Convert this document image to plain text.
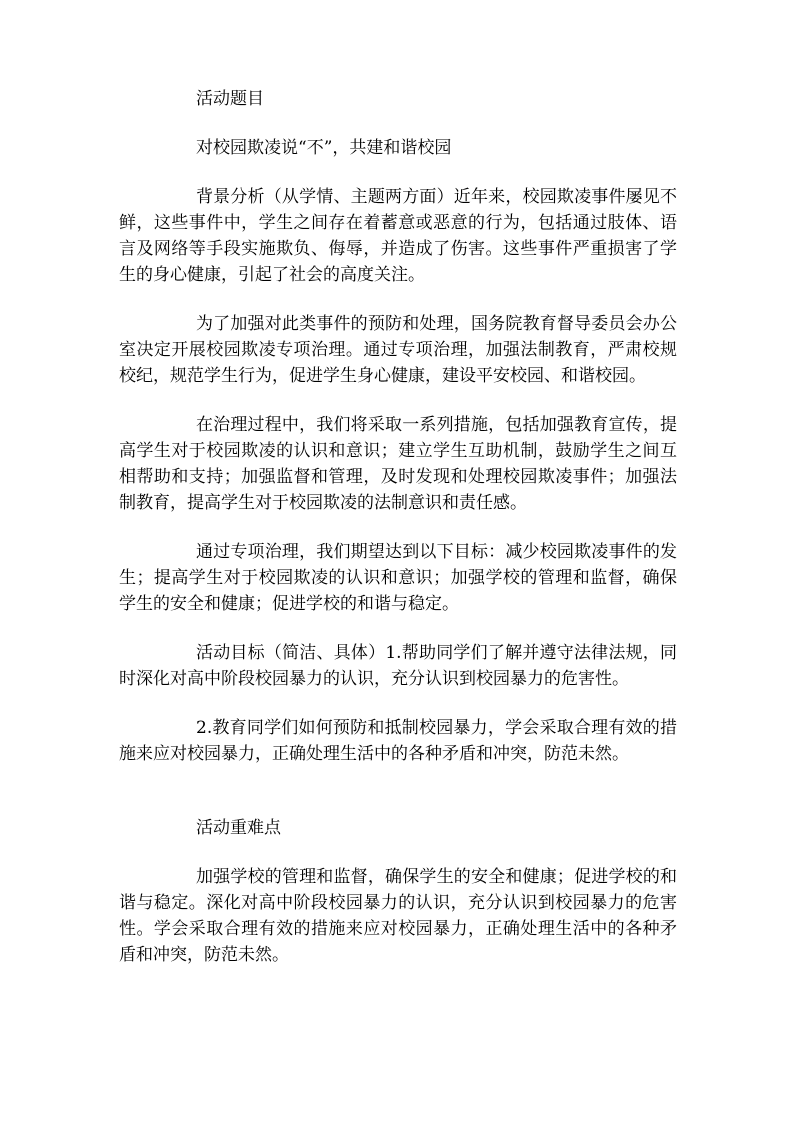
活动题目

对校园欺凌说“不”，共建和谐校园

背景分析（从学情、主题两方面）近年来，校园欺凌事件屡见不鲜，这些事件中，学生之间存在着蓄意或恶意的行为，包括通过肢体、语言及网络等手段实施欺负、侮辱，并造成了伤害。这些事件严重损害了学生的身心健康，引起了社会的高度关注。

为了加强对此类事件的预防和处理，国务院教育督导委员会办公室决定开展校园欺凌专项治理。通过专项治理，加强法制教育，严肃校规校纪，规范学生行为，促进学生身心健康，建设平安校园、和谐校园。

在治理过程中，我们将采取一系列措施，包括加强教育宣传，提高学生对于校园欺凌的认识和意识；建立学生互助机制，鼓励学生之间互相帮助和支持；加强监督和管理，及时发现和处理校园欺凌事件；加强法制教育，提高学生对于校园欺凌的法制意识和责任感。

通过专项治理，我们期望达到以下目标：减少校园欺凌事件的发生；提高学生对于校园欺凌的认识和意识；加强学校的管理和监督，确保学生的安全和健康；促进学校的和谐与稳定。

活动目标（简洁、具体）1.帮助同学们了解并遵守法律法规，同时深化对高中阶段校园暴力的认识，充分认识到校园暴力的危害性。

2.教育同学们如何预防和抵制校园暴力，学会采取合理有效的措施来应对校园暴力，正确处理生活中的各种矛盾和冲突，防范未然。

活动重难点

加强学校的管理和监督，确保学生的安全和健康；促进学校的和谐与稳定。深化对高中阶段校园暴力的认识，充分认识到校园暴力的危害性。学会采取合理有效的措施来应对校园暴力，正确处理生活中的各种矛盾和冲突，防范未然。
